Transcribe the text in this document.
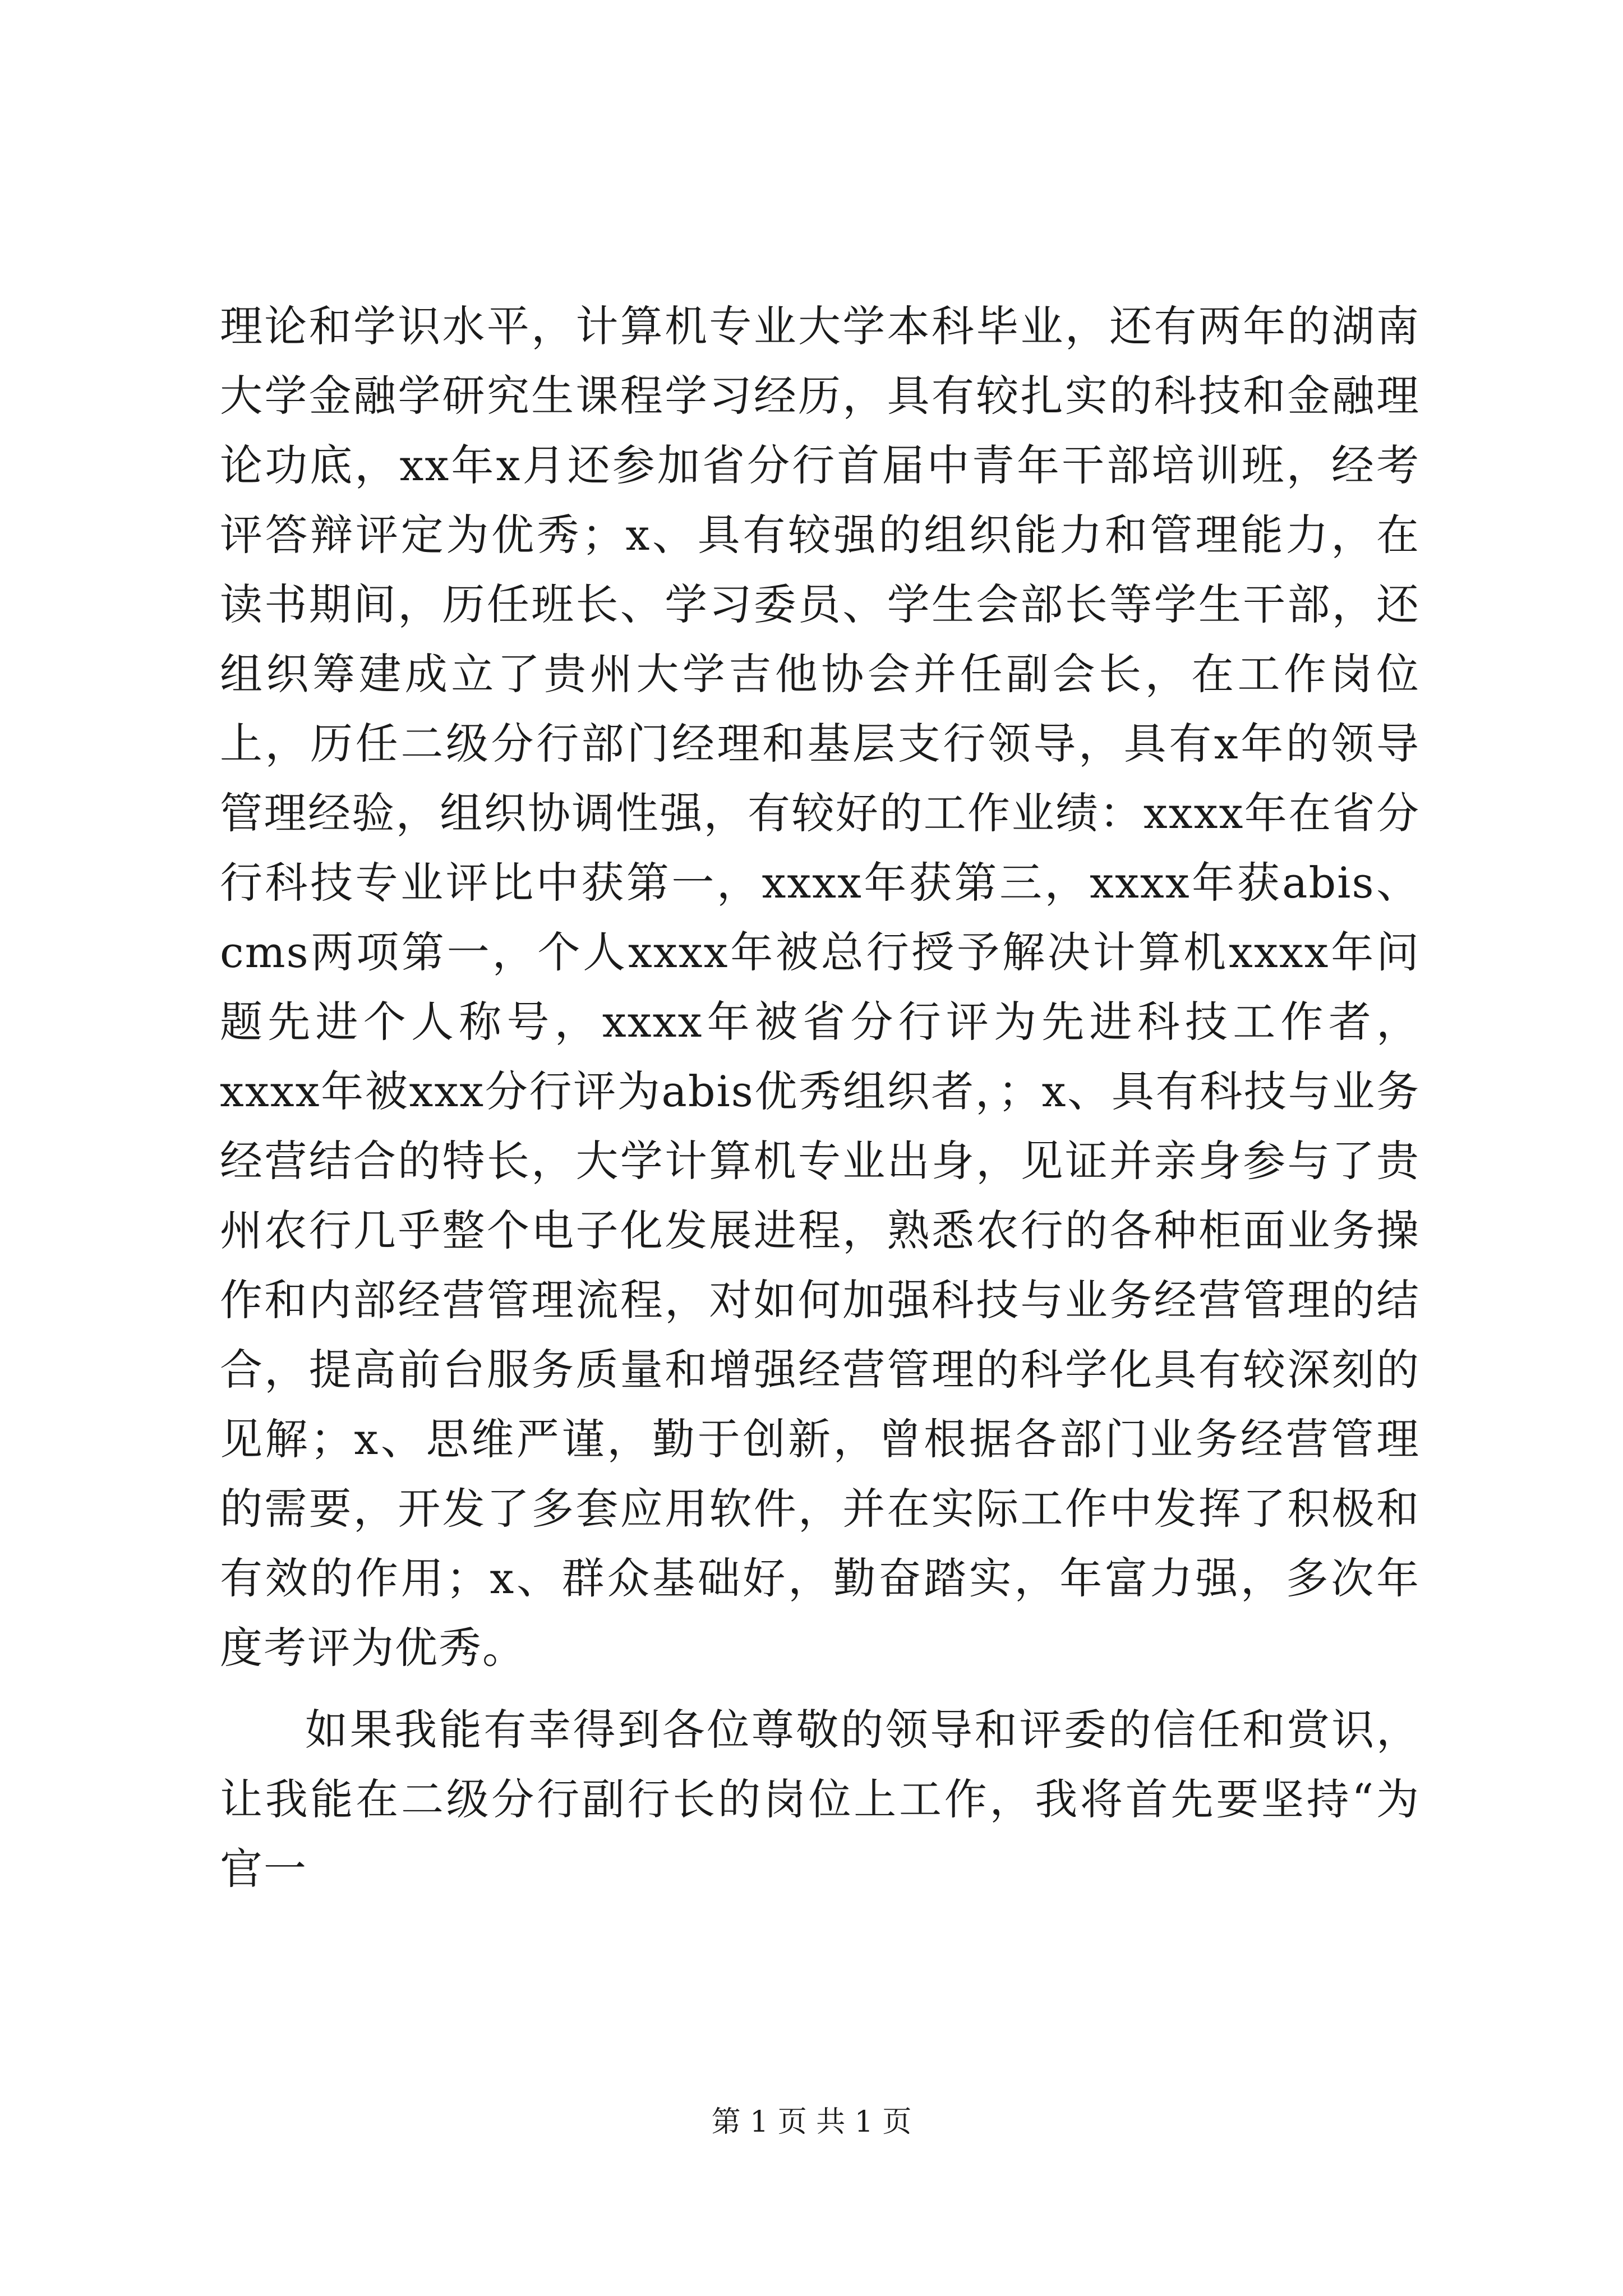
理论和学识水平，计算机专业大学本科毕业，还有两年的湖南大学金融学研究生课程学习经历，具有较扎实的科技和金融理论功底，xx年x月还参加省分行首届中青年干部培训班，经考评答辩评定为优秀；x、具有较强的组织能力和管理能力，在读书期间，历任班长、学习委员、学生会部长等学生干部，还组织筹建成立了贵州大学吉他协会并任副会长，在工作岗位上，历任二级分行部门经理和基层支行领导，具有x年的领导管理经验，组织协调性强，有较好的工作业绩：xxxx年在省分行科技专业评比中获第一，xxxx年获第三，xxxx年获abis、cms两项第一，个人xxxx年被总行授予解决计算机xxxx年问题先进个人称号，xxxx年被省分行评为先进科技工作者，xxxx年被xxx分行评为abis优秀组织者，；x、具有科技与业务经营结合的特长，大学计算机专业出身，见证并亲身参与了贵州农行几乎整个电子化发展进程，熟悉农行的各种柜面业务操作和内部经营管理流程，对如何加强科技与业务经营管理的结合，提高前台服务质量和增强经营管理的科学化具有较深刻的见解；x、思维严谨，勤于创新，曾根据各部门业务经营管理的需要，开发了多套应用软件，并在实际工作中发挥了积极和有效的作用；x、群众基础好，勤奋踏实，年富力强，多次年度考评为优秀。

如果我能有幸得到各位尊敬的领导和评委的信任和赏识，让我能在二级分行副行长的岗位上工作，我将首先要坚持“为官一

第 1 页 共 1 页
